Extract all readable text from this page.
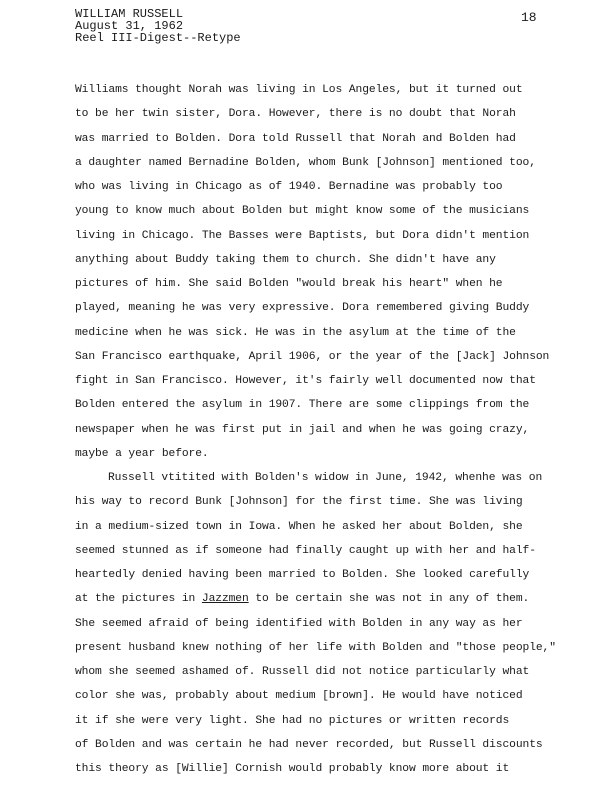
WILLIAM RUSSELL
August 31, 1962
Reel III-Digest--Retype
18
Williams thought Norah was living in Los Angeles, but it turned out
to be her twin sister, Dora. However, there is no doubt that Norah
was married to Bolden. Dora told Russell that Norah and Bolden had
a daughter named Bernadine Bolden, whom Bunk [Johnson] mentioned too,
who was living in Chicago as of 1940. Bernadine was probably too
young to know much about Bolden but might know some of the musicians
living in Chicago. The Basses were Baptists, but Dora didn't mention
anything about Buddy taking them to church. She didn't have any
pictures of him. She said Bolden "would break his heart" when he
played, meaning he was very expressive. Dora remembered giving Buddy
medicine when he was sick. He was in the asylum at the time of the
San Francisco earthquake, April 1906, or the year of the [Jack] Johnson
fight in San Francisco. However, it's fairly well documented now that
Bolden entered the asylum in 1907. There are some clippings from the
newspaper when he was first put in jail and when he was going crazy,
maybe a year before.
Russell vtitited with Bolden's widow in June, 1942, whenhe was on
his way to record Bunk [Johnson] for the first time. She was living
in a medium-sized town in Iowa. When he asked her about Bolden, she
seemed stunned as if someone had finally caught up with her and half-
heartedly denied having been married to Bolden. She looked carefully
at the pictures in Jazzmen to be certain she was not in any of them.
She seemed afraid of being identified with Bolden in any way as her
present husband knew nothing of her life with Bolden and "those people,"
whom she seemed ashamed of. Russell did not notice particularly what
color she was, probably about medium [brown]. He would have noticed
it if she were very light. She had no pictures or written records
of Bolden and was certain he had never recorded, but Russell discounts
this theory as [Willie] Cornish would probably know more about it
